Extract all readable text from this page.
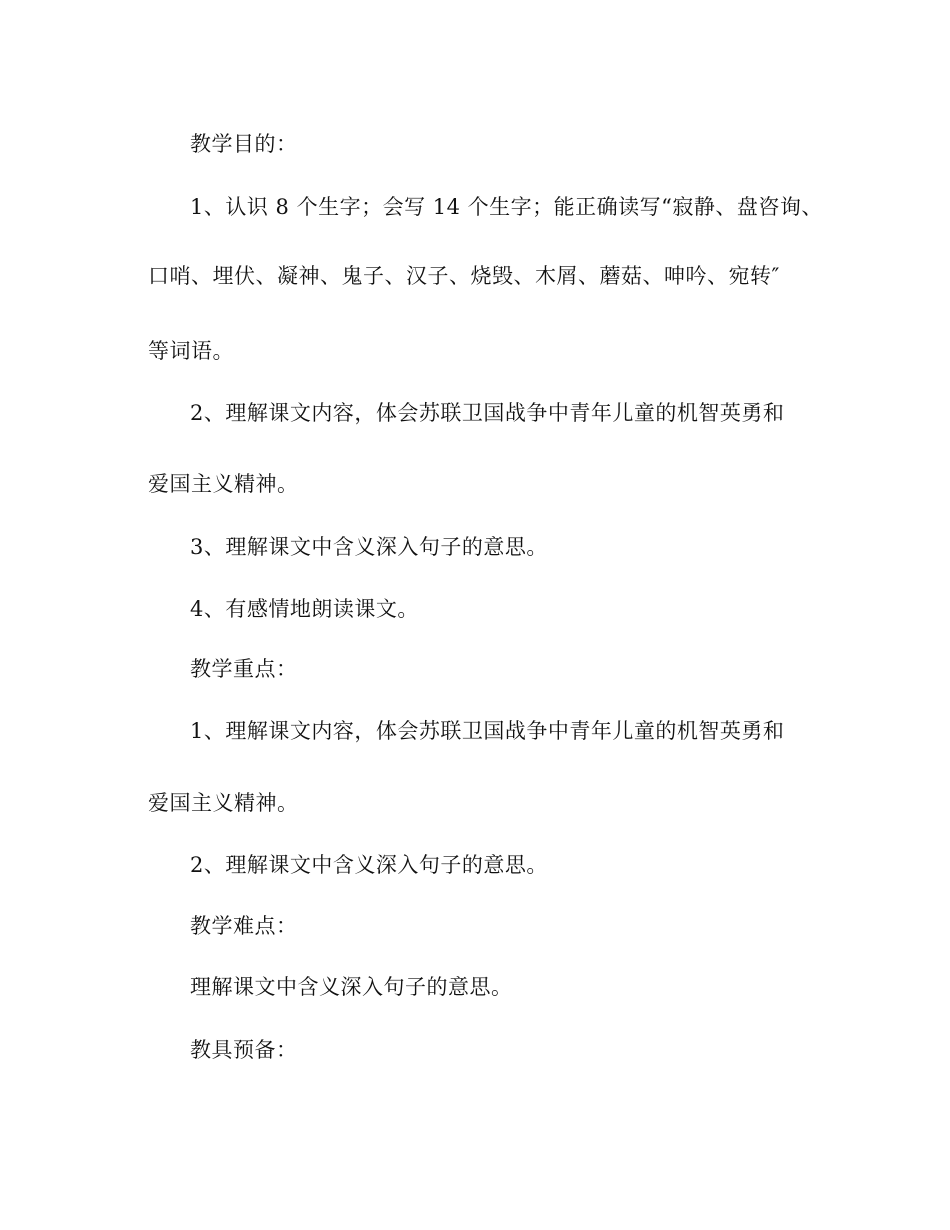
教学目的：
1、认识 8 个生字；会写 14 个生字；能正确读写“寂静、盘咨询、
口哨、埋伏、凝神、鬼子、汉子、烧毁、木屑、蘑菇、呻吟、宛转″
等词语。
2、理解课文内容，体会苏联卫国战争中青年儿童的机智英勇和
爱国主义精神。
3、理解课文中含义深入句子的意思。
4、有感情地朗读课文。
教学重点：
1、理解课文内容，体会苏联卫国战争中青年儿童的机智英勇和
爱国主义精神。
2、理解课文中含义深入句子的意思。
教学难点：
理解课文中含义深入句子的意思。
教具预备：
